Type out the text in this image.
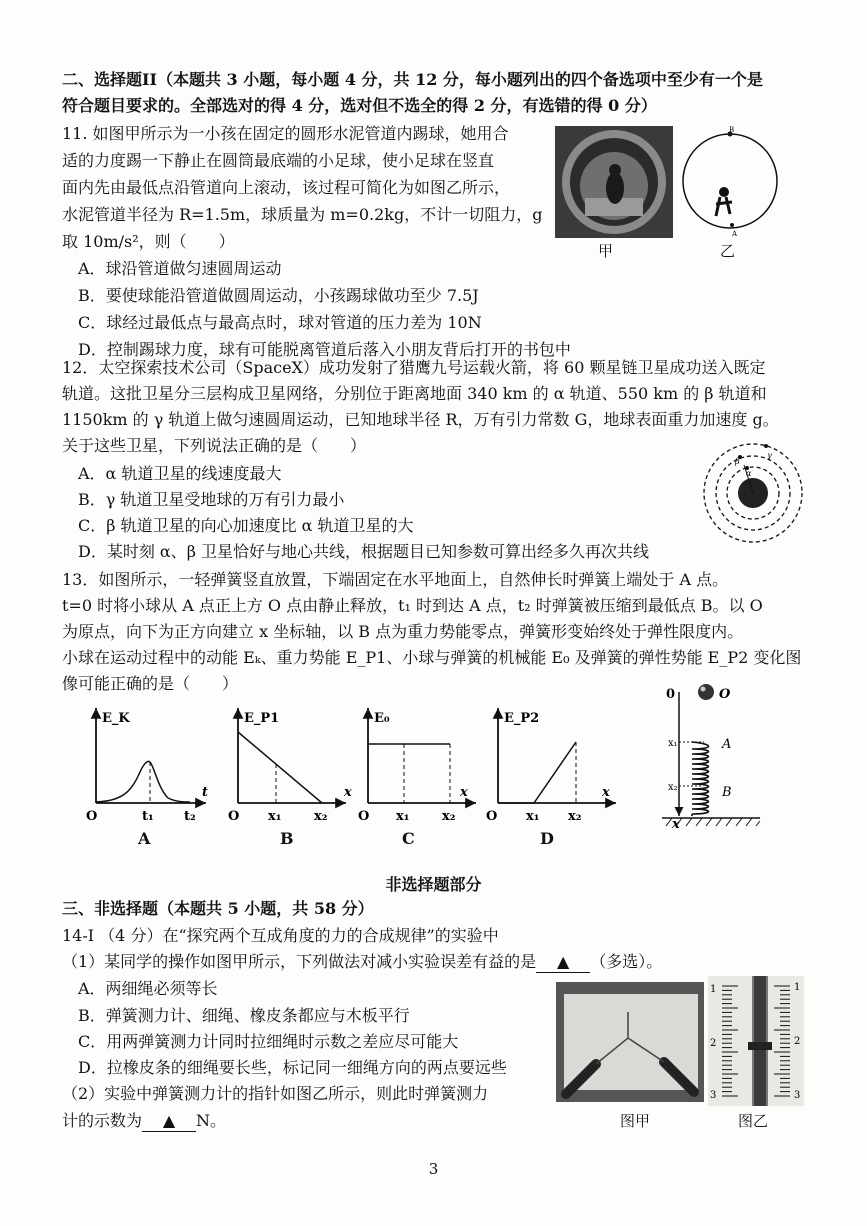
二、选择题II（本题共 3 小题，每小题 4 分，共 12 分，每小题列出的四个备选项中至少有一个是
符合题目要求的。全部选对的得 4 分，选对但不选全的得 2 分，有选错的得 0 分）
11. 如图甲所示为一小孩在固定的圆形水泥管道内踢球，她用合
适的力度踢一下静止在圆筒最底端的小足球，使小足球在竖直
面内先由最低点沿管道向上滚动，该过程可简化为如图乙所示，
水泥管道半径为 R=1.5m，球质量为 m=0.2kg，不计一切阻力，g
取 10m/s²，则（　　）
A．球沿管道做匀速圆周运动
B．要使球能沿管道做圆周运动，小孩踢球做功至少 7.5J
C．球经过最低点与最高点时，球对管道的压力差为 10N
D．控制踢球力度，球有可能脱离管道后落入小朋友背后打开的书包中
甲
B
A
乙
12．太空探索技术公司（SpaceX）成功发射了猎鹰九号运载火箭，将 60 颗星链卫星成功送入既定
轨道。这批卫星分三层构成卫星网络，分别位于距离地面 340 km 的 α 轨道、550 km 的 β 轨道和
1150km 的 γ 轨道上做匀速圆周运动，已知地球半径 R，万有引力常数 G，地球表面重力加速度 g。
关于这些卫星，下列说法正确的是（　　）
A．α 轨道卫星的线速度最大
B．γ 轨道卫星受地球的万有引力最小
C．β 轨道卫星的向心加速度比 α 轨道卫星的大
D．某时刻 α、β 卫星恰好与地心共线，根据题目已知参数可算出经多久再次共线
α
β
γ
13．如图所示，一轻弹簧竖直放置，下端固定在水平地面上，自然伸长时弹簧上端处于 A 点。
t=0 时将小球从 A 点正上方 O 点由静止释放，t₁ 时到达 A 点，t₂ 时弹簧被压缩到最低点 B。以 O
为原点，向下为正方向建立 x 坐标轴，以 B 点为重力势能零点，弹簧形变始终处于弹性限度内。
小球在运动过程中的动能 Eₖ、重力势能 E_P1、小球与弹簧的机械能 E₀ 及弹簧的弹性势能 E_P2 变化图
像可能正确的是（　　）
E_K
t
O	t₁ t₂
A
E_P1
x
O x₁	x₂
B
E₀
x
O x₁	x₂
C
E_P2
x
O x₁ x₂
D
0	O
x₁	A
x₂	B
x
非选择题部分
三、非选择题（本题共 5 小题，共 58 分）
14-I （4 分）在“探究两个互成角度的力的合成规律”的实验中
（1）某同学的操作如图甲所示，下列做法对减小实验误差有益的是 ▲ （多选）。
A．两细绳必须等长
B．弹簧测力计、细绳、橡皮条都应与木板平行
C．用两弹簧测力计同时拉细绳时示数之差应尽可能大
D．拉橡皮条的细绳要长些，标记同一细绳方向的两点要远些
（2）实验中弹簧测力计的指针如图乙所示，则此时弹簧测力
计的示数为 ▲ N。	图甲
1
2
3
1
2
3
图乙
3
